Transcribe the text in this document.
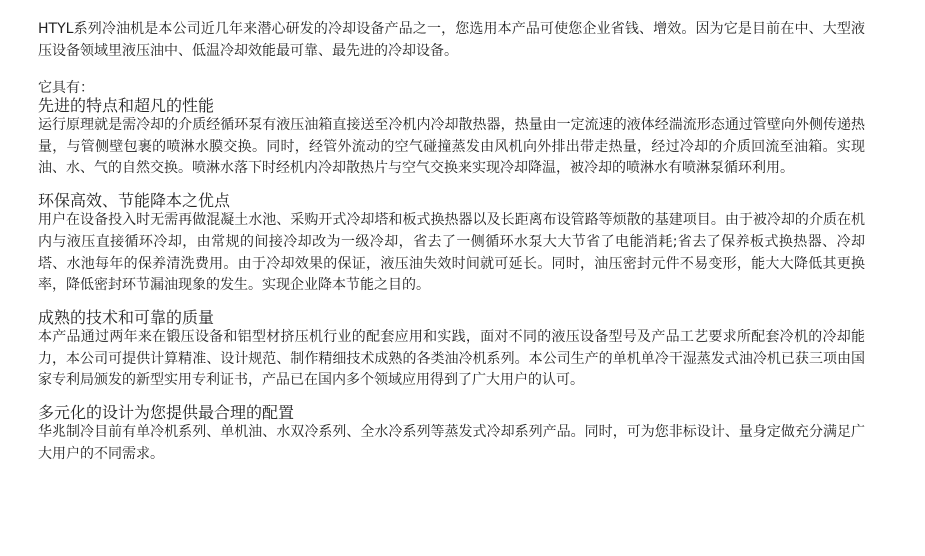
HTYL系列冷油机是本公司近几年来潜心研发的冷却设备产品之一，您选用本产品可使您企业省钱、增效。因为它是目前在中、大型液压设备领域里液压油中、低温冷却效能最可靠、最先进的冷却设备。

它具有：

先进的特点和超凡的性能

运行原理就是需冷却的介质经循环泵有液压油箱直接送至冷机内冷却散热器，热量由一定流速的液体经湍流形态通过管壁向外侧传递热量，与管侧壁包裹的喷淋水膜交换。同时，经管外流动的空气碰撞蒸发由风机向外排出带走热量，经过冷却的介质回流至油箱。实现油、水、气的自然交换。喷淋水落下时经机内冷却散热片与空气交换来实现冷却降温，被冷却的喷淋水有喷淋泵循环利用。

环保高效、节能降本之优点

用户在设备投入时无需再做混凝土水池、采购开式冷却塔和板式换热器以及长距离布设管路等烦散的基建项目。由于被冷却的介质在机内与液压直接循环冷却，由常规的间接冷却改为一级冷却，省去了一侧循环水泵大大节省了电能消耗;省去了保养板式换热器、冷却塔、水池每年的保养清洗费用。由于冷却效果的保证，液压油失效时间就可延长。同时，油压密封元件不易变形，能大大降低其更换率，降低密封环节漏油现象的发生。实现企业降本节能之目的。

成熟的技术和可靠的质量

本产品通过两年来在锻压设备和铝型材挤压机行业的配套应用和实践，面对不同的液压设备型号及产品工艺要求所配套冷机的冷却能力，本公司可提供计算精准、设计规范、制作精细技术成熟的各类油冷机系列。本公司生产的单机单冷干湿蒸发式油冷机已获三项由国家专利局颁发的新型实用专利证书，产品已在国内多个领域应用得到了广大用户的认可。

多元化的设计为您提供最合理的配置

华兆制冷目前有单冷机系列、单机油、水双冷系列、全水冷系列等蒸发式冷却系列产品。同时，可为您非标设计、量身定做充分满足广大用户的不同需求。
